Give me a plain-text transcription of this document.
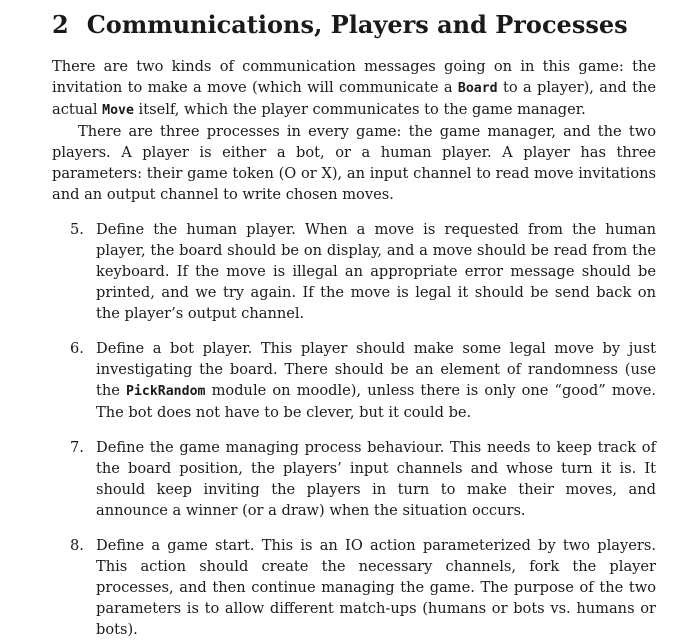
2 Communications, Players and Processes

There are two kinds of communication messages going on in this game: the invitation to make a move (which will communicate a Board to a player), and the actual Move itself, which the player communicates to the game manager.

There are three processes in every game: the game manager, and the two players. A player is either a bot, or a human player. A player has three parameters: their game token (O or X), an input channel to read move invitations and an output channel to write chosen moves.

5. Define the human player. When a move is requested from the human player, the board should be on display, and a move should be read from the keyboard. If the move is illegal an appropriate error message should be printed, and we try again. If the move is legal it should be send back on the player’s output channel.
6. Define a bot player. This player should make some legal move by just investigating the board. There should be an element of randomness (use the PickRandom module on moodle), unless there is only one “good” move. The bot does not have to be clever, but it could be.
7. Define the game managing process behaviour. This needs to keep track of the board position, the players’ input channels and whose turn it is. It should keep inviting the players in turn to make their moves, and announce a winner (or a draw) when the situation occurs.
8. Define a game start. This is an IO action parameterized by two players. This action should create the necessary channels, fork the player processes, and then continue managing the game. The purpose of the two parameters is to allow different match-ups (humans or bots vs. humans or bots).
